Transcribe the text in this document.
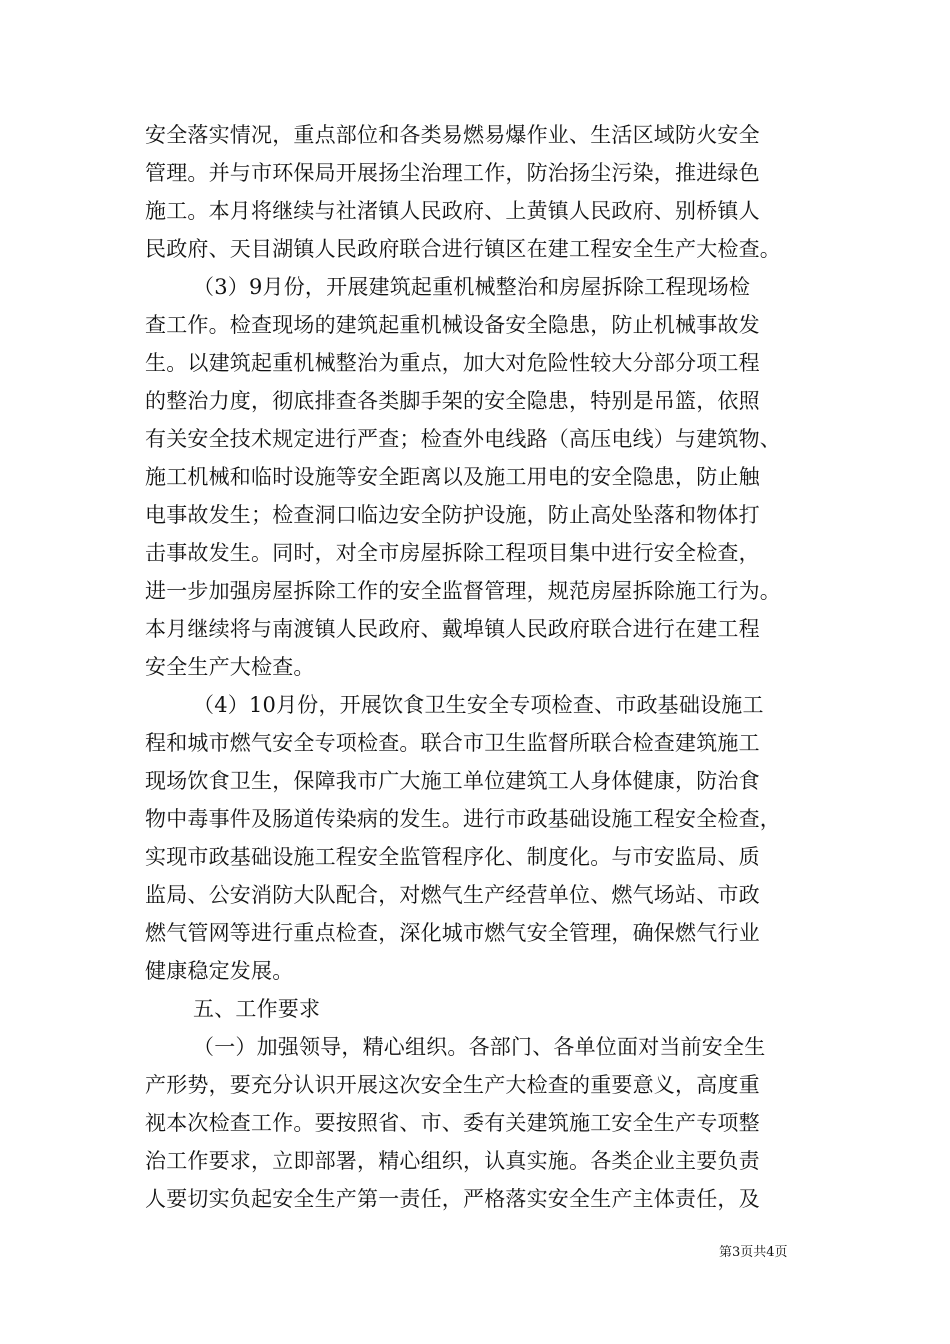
安全落实情况，重点部位和各类易燃易爆作业、生活区域防火安全
管理。并与市环保局开展扬尘治理工作，防治扬尘污染，推进绿色
施工。本月将继续与社渚镇人民政府、上黄镇人民政府、别桥镇人
民政府、天目湖镇人民政府联合进行镇区在建工程安全生产大检查。
（3）9月份，开展建筑起重机械整治和房屋拆除工程现场检
查工作。检查现场的建筑起重机械设备安全隐患，防止机械事故发
生。以建筑起重机械整治为重点，加大对危险性较大分部分项工程
的整治力度，彻底排查各类脚手架的安全隐患，特别是吊篮，依照
有关安全技术规定进行严查；检查外电线路（高压电线）与建筑物、
施工机械和临时设施等安全距离以及施工用电的安全隐患，防止触
电事故发生；检查洞口临边安全防护设施，防止高处坠落和物体打
击事故发生。同时，对全市房屋拆除工程项目集中进行安全检查，
进一步加强房屋拆除工作的安全监督管理，规范房屋拆除施工行为。
本月继续将与南渡镇人民政府、戴埠镇人民政府联合进行在建工程
安全生产大检查。
（4）10月份，开展饮食卫生安全专项检查、市政基础设施工
程和城市燃气安全专项检查。联合市卫生监督所联合检查建筑施工
现场饮食卫生，保障我市广大施工单位建筑工人身体健康，防治食
物中毒事件及肠道传染病的发生。进行市政基础设施工程安全检查，
实现市政基础设施工程安全监管程序化、制度化。与市安监局、质
监局、公安消防大队配合，对燃气生产经营单位、燃气场站、市政
燃气管网等进行重点检查，深化城市燃气安全管理，确保燃气行业
健康稳定发展。
五、工作要求
（一）加强领导，精心组织。各部门、各单位面对当前安全生
产形势，要充分认识开展这次安全生产大检查的重要意义，高度重
视本次检查工作。要按照省、市、委有关建筑施工安全生产专项整
治工作要求，立即部署，精心组织，认真实施。各类企业主要负责
人要切实负起安全生产第一责任，严格落实安全生产主体责任，及
第3页共4页
